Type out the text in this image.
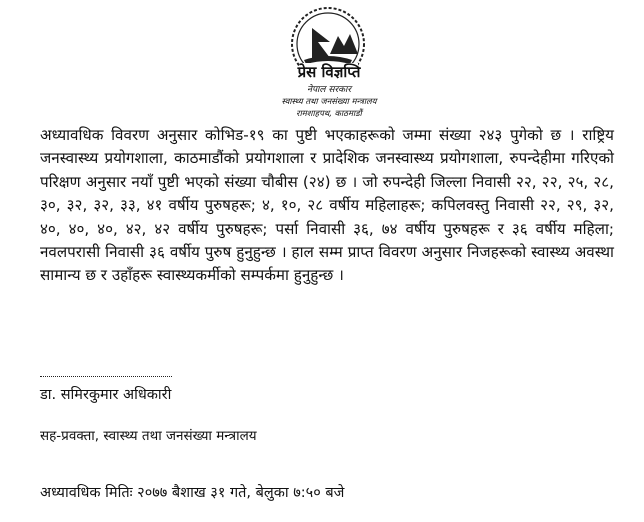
प्रेस विज्ञप्ति
नेपाल सरकार
स्वास्थ्य तथा जनसंख्या मन्त्रालय
रामशाहपथ, काठमाडौं

अध्यावधिक विवरण अनुसार कोभिड-१९ का पुष्टी भएकाहरूको जम्मा संख्या २४३ पुगेको छ । राष्ट्रिय जनस्वास्थ्य प्रयोगशाला, काठमाडौंको प्रयोगशाला र प्रादेशिक जनस्वास्थ्य प्रयोगशाला, रुपन्देहीमा गरिएको परिक्षण अनुसार नयाँ पुष्टी भएको संख्या चौबीस (२४) छ । जो रुपन्देही जिल्ला निवासी २२, २२, २५, २८, ३०, ३२, ३२, ३३, ४१ वर्षीय पुरुषहरू; ४, १०, २८ वर्षीय महिलाहरू; कपिलवस्तु निवासी २२, २९, ३२, ४०, ४०, ४०, ४२, ४२ वर्षीय पुरुषहरू; पर्सा निवासी ३६, ७४ वर्षीय पुरुषहरू र ३६ वर्षीय महिला; नवलपरासी निवासी ३६ वर्षीय पुरुष हुनुहुन्छ । हाल सम्म प्राप्त विवरण अनुसार निजहरूको स्वास्थ्य अवस्था सामान्य छ र उहाँहरू स्वास्थ्यकर्मीको सम्पर्कमा हुनुहुन्छ ।

डा. समिरकुमार अधिकारी

सह-प्रवक्ता, स्वास्थ्य तथा जनसंख्या मन्त्रालय

अध्यावधिक मितिः २०७७ बैशाख ३१ गते, बेलुका ७:५० बजे
